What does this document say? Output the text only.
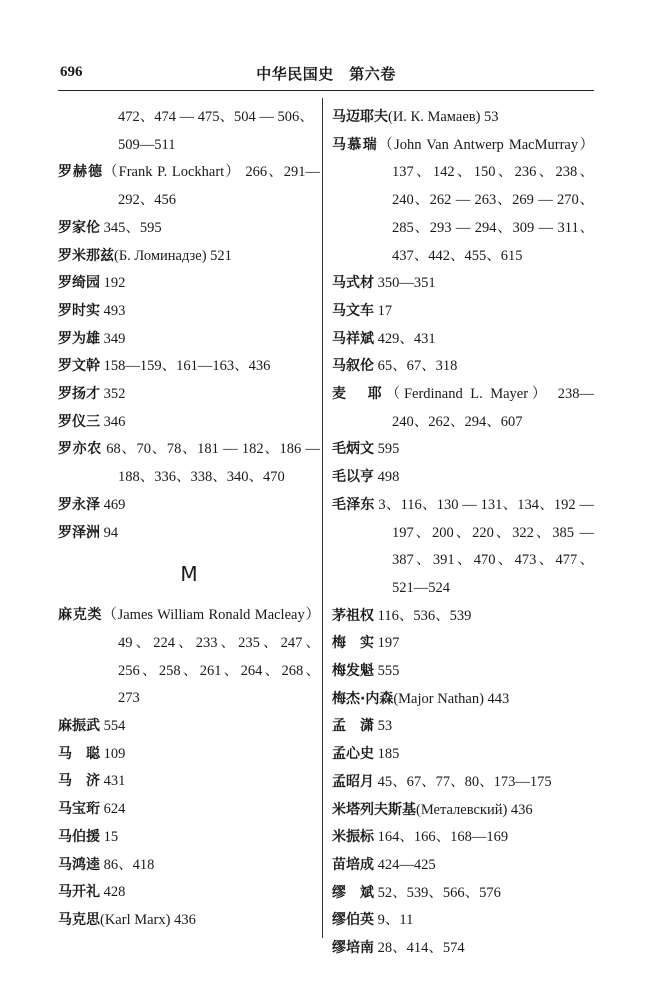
696	中华民国史　第六卷

472、474 — 475、504 — 506、509—511

罗赫德（Frank P. Lockhart） 266、291—292、456

罗家伦 345、595

罗米那兹(Б. Ломинадзе) 521

罗绮园 192

罗时实 493

罗为雄 349

罗文幹 158—159、161—163、436

罗扬才 352

罗仪三 346

罗亦农 68、70、78、181 — 182、186 — 188、336、338、340、470

罗永泽 469

罗泽洲 94

M

麻克类（James William Ronald Macleay） 49、224、233、235、247、256、258、261、264、268、273

麻振武 554

马　聪 109

马　济 431

马宝珩 624

马伯援 15

马鸿逵 86、418

马开礼 428

马克思(Karl Marx) 436

马迈耶夫(И. К. Мамаев) 53

马慕瑞（John Van Antwerp MacMurray） 137、142、150、236、238、240、262 — 263、269 — 270、285、293 — 294、309 — 311、437、442、455、615

马式材 350—351

马文车 17

马祥斌 429、431

马叙伦 65、67、318

麦　耶（Ferdinand L. Mayer） 238—240、262、294、607

毛炳文 595

毛以亨 498

毛泽东 3、116、130 — 131、134、192 — 197、200、220、322、385 — 387、391、470、473、477、521—524

茅祖权 116、536、539

梅　实 197

梅发魁 555

梅杰·内森(Major Nathan) 443

孟　潇 53

孟心史 185

孟昭月 45、67、77、80、173—175

米塔列夫斯基(Металевский) 436

米振标 164、166、168—169

苗培成 424—425

缪　斌 52、539、566、576

缪伯英 9、11

缪培南 28、414、574
